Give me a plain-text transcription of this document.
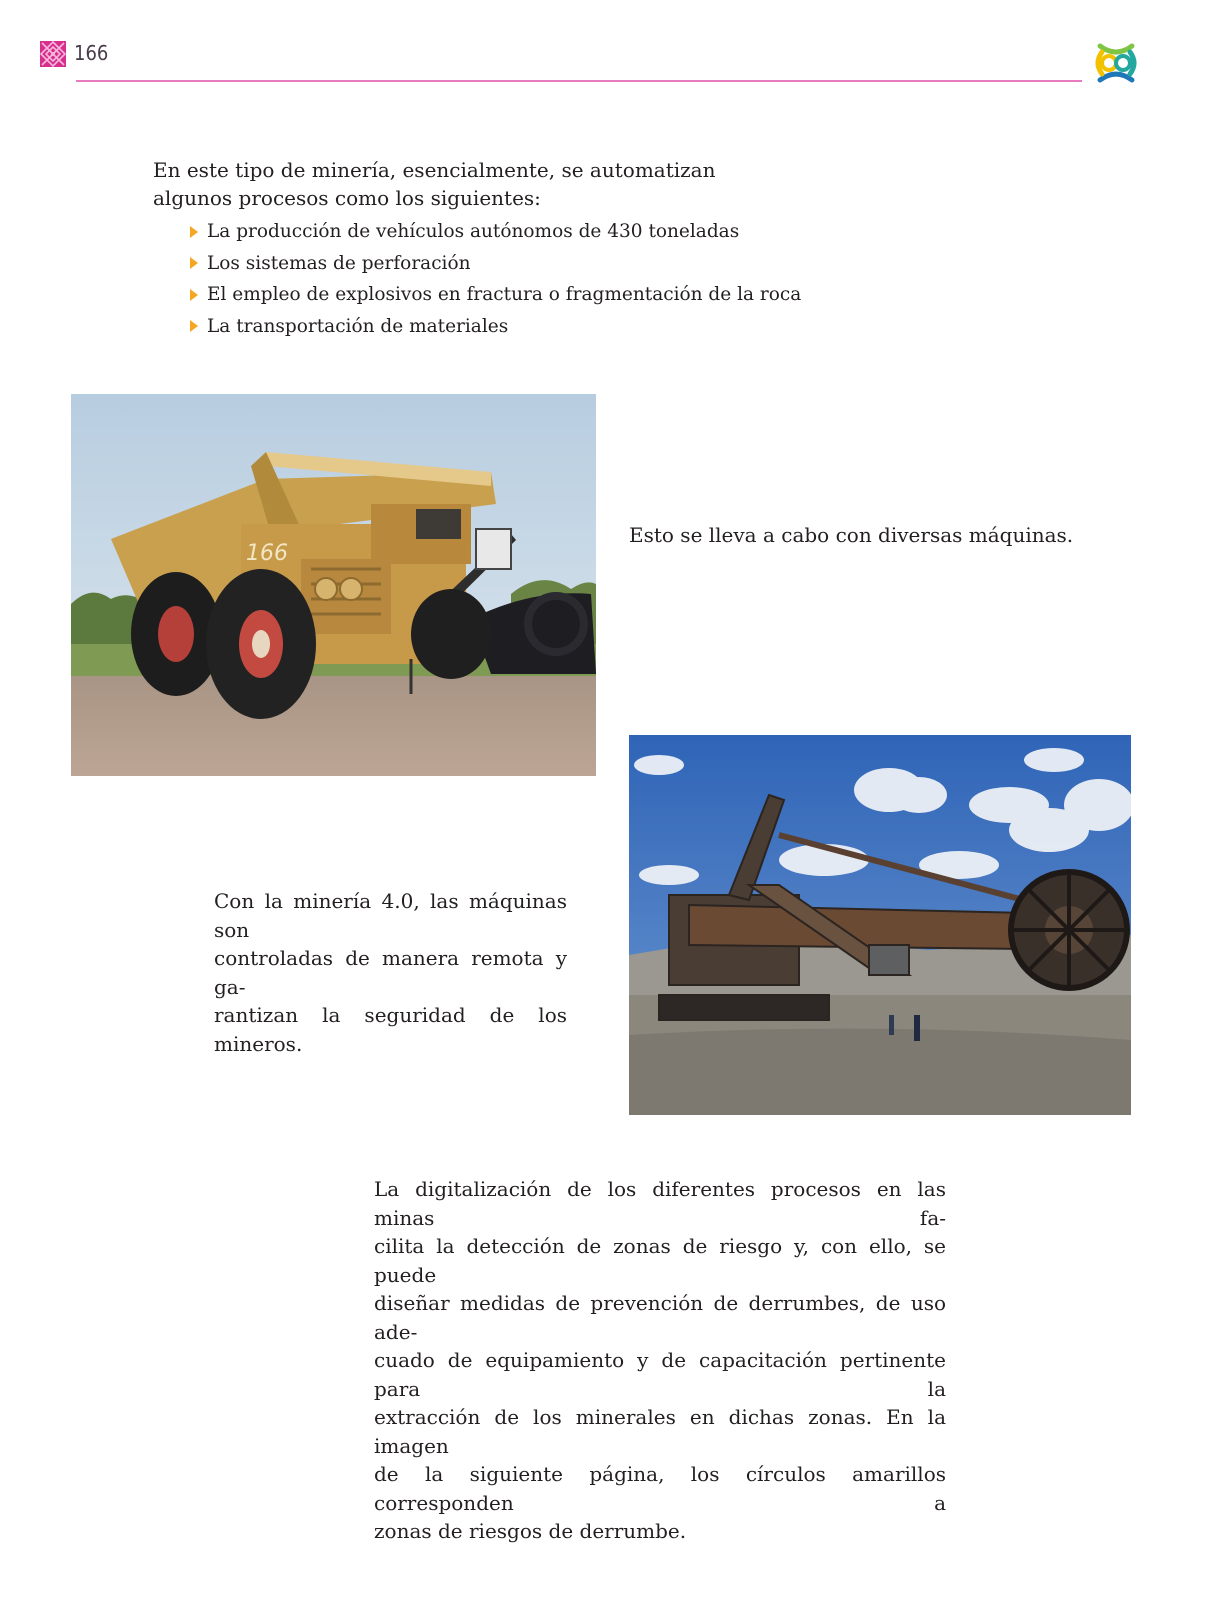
166

En este tipo de minería, esencialmente, se automatizan algunos procesos como los siguientes:

La producción de vehículos autónomos de 430 toneladas
Los sistemas de perforación
El empleo de explosivos en fractura o fragmentación de la roca
La transportación de materiales
166
Esto se lleva a cabo con diversas máquinas.
Con la minería 4.0, las máquinas son
controladas de manera remota y ga-
rantizan la seguridad de los mineros.
La digitalización de los diferentes procesos en las minas fa-
cilita la detección de zonas de riesgo y, con ello, se puede
diseñar medidas de prevención de derrumbes, de uso ade-
cuado de equipamiento y de capacitación pertinente para la
extracción de los minerales en dichas zonas. En la imagen
de la siguiente página, los círculos amarillos corresponden a
zonas de riesgos de derrumbe.
